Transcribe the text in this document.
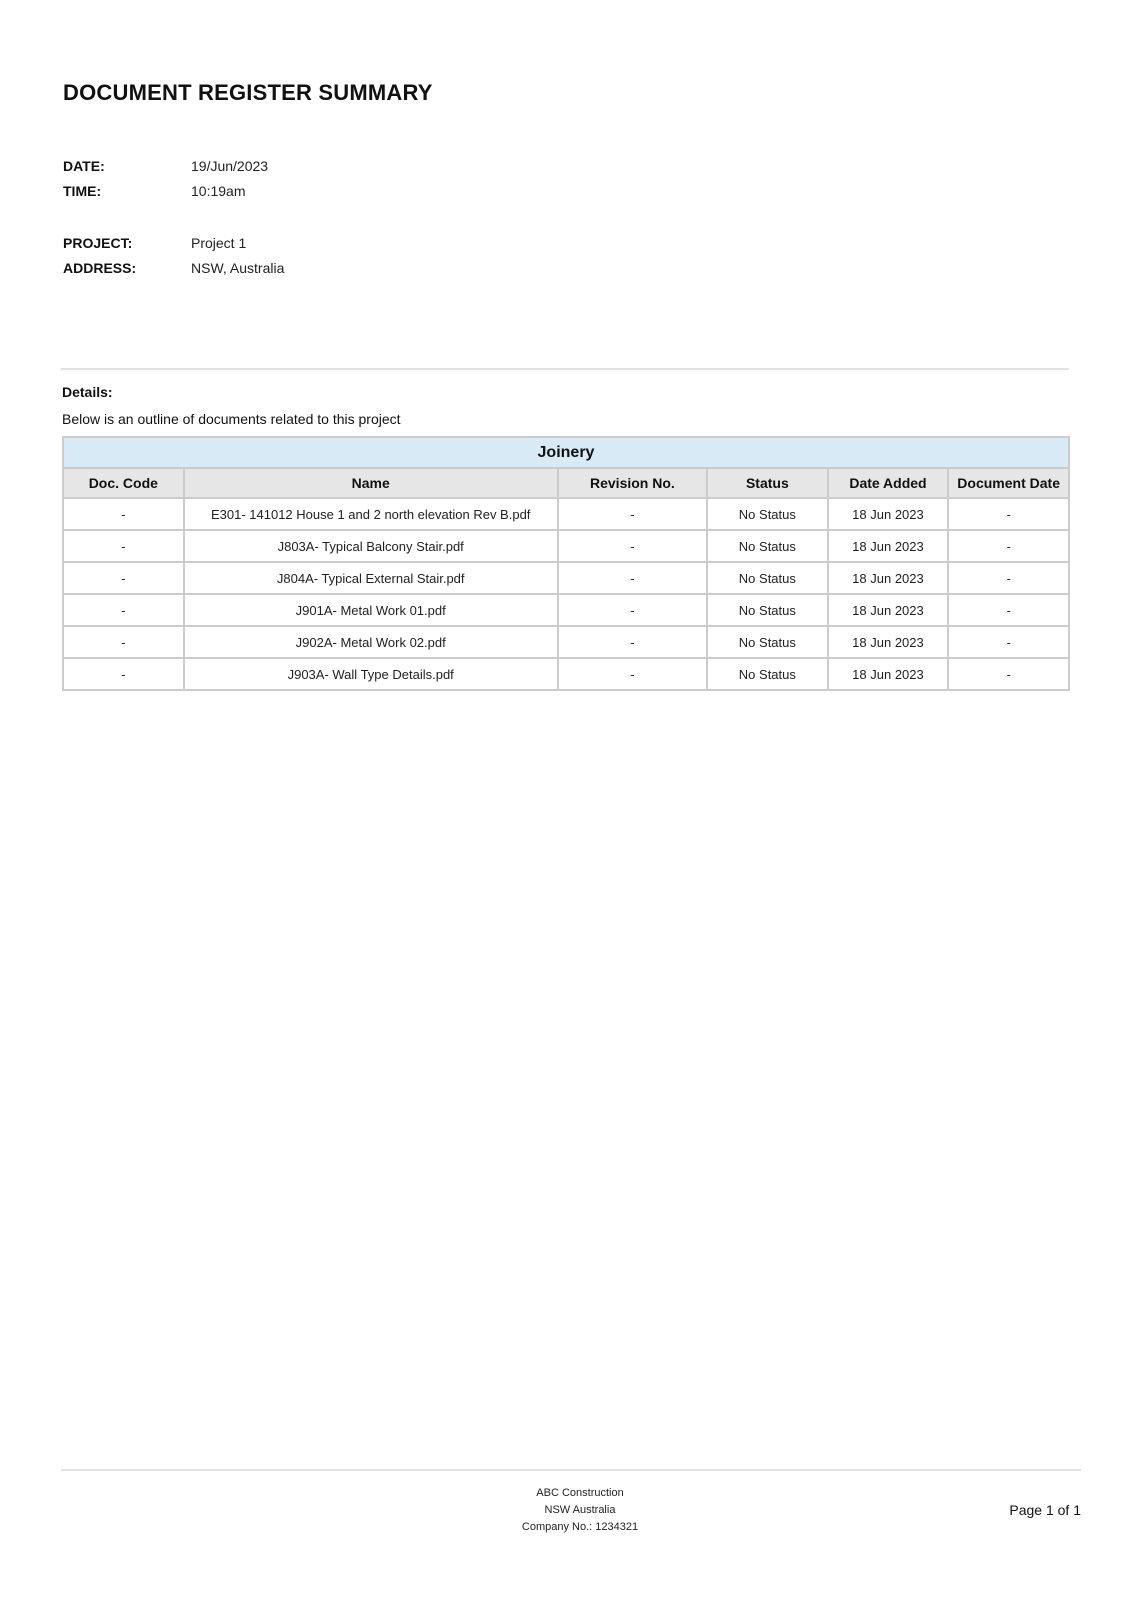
DOCUMENT REGISTER SUMMARY
DATE:	19/Jun/2023
TIME:	10:19am
PROJECT:	Project 1
ADDRESS:	NSW, Australia
Details:
Below is an outline of documents related to this project
Joinery					
Doc. Code	Name	Revision No.	Status	Date Added	Document Date
-	E301- 141012 House 1 and 2 north elevation Rev B.pdf	-	No Status	18 Jun 2023	-
-	J803A- Typical Balcony Stair.pdf	-	No Status	18 Jun 2023	-
-	J804A- Typical External Stair.pdf	-	No Status	18 Jun 2023	-
-	J901A- Metal Work 01.pdf	-	No Status	18 Jun 2023	-
-	J902A- Metal Work 02.pdf	-	No Status	18 Jun 2023	-
-	J903A- Wall Type Details.pdf	-	No Status	18 Jun 2023	-
ABC Construction
NSW Australia
Company No.: 1234321
Page 1 of 1
